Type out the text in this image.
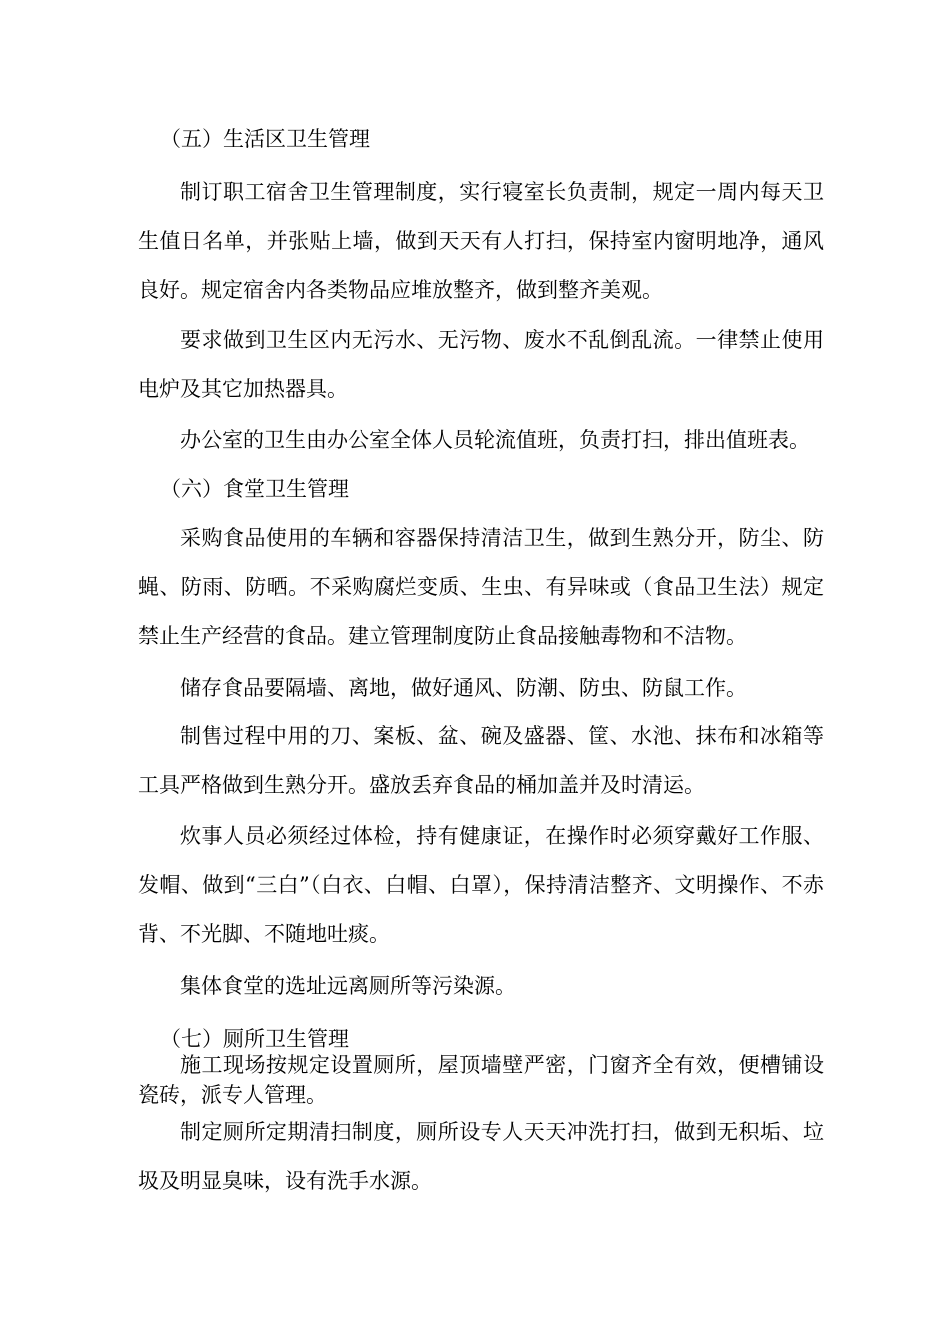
（五）生活区卫生管理

制订职工宿舍卫生管理制度，实行寝室长负责制，规定一周内每天卫生值日名单，并张贴上墙，做到天天有人打扫，保持室内窗明地净，通风良好。规定宿舍内各类物品应堆放整齐，做到整齐美观。

要求做到卫生区内无污水、无污物、废水不乱倒乱流。一律禁止使用电炉及其它加热器具。

办公室的卫生由办公室全体人员轮流值班，负责打扫，排出值班表。

（六）食堂卫生管理

采购食品使用的车辆和容器保持清洁卫生，做到生熟分开，防尘、防蝇、防雨、防晒。不采购腐烂变质、生虫、有异味或（食品卫生法）规定禁止生产经营的食品。建立管理制度防止食品接触毒物和不洁物。

储存食品要隔墙、离地，做好通风、防潮、防虫、防鼠工作。

制售过程中用的刀、案板、盆、碗及盛器、筐、水池、抹布和冰箱等工具严格做到生熟分开。盛放丢弃食品的桶加盖并及时清运。

炊事人员必须经过体检，持有健康证，在操作时必须穿戴好工作服、发帽、做到“三白”（白衣、白帽、白罩），保持清洁整齐、文明操作、不赤背、不光脚、不随地吐痰。

集体食堂的选址远离厕所等污染源。

（七）厕所卫生管理

施工现场按规定设置厕所，屋顶墙壁严密，门窗齐全有效，便槽铺设瓷砖，派专人管理。

制定厕所定期清扫制度，厕所设专人天天冲洗打扫，做到无积垢、垃圾及明显臭味，设有洗手水源。
